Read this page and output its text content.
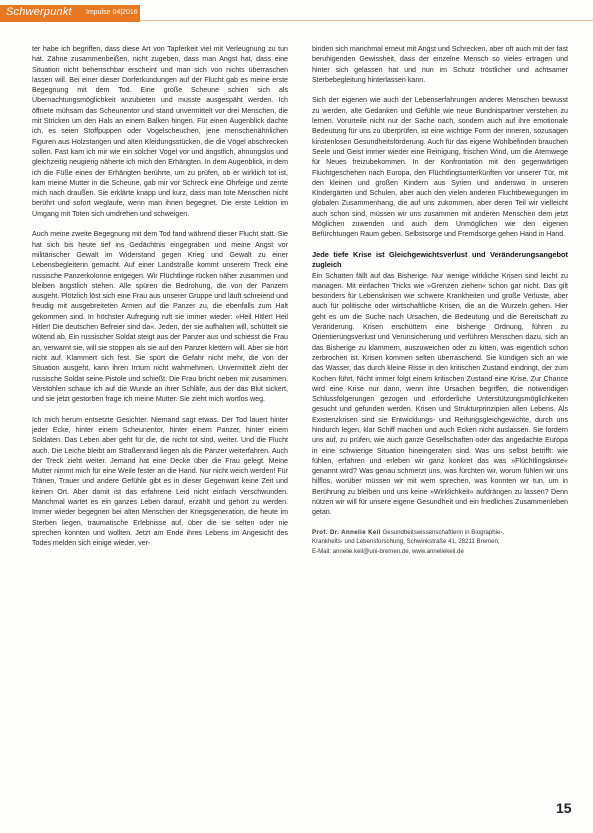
Schwerpunkt Impulse 04|2016

ter habe ich begriffen, dass diese Art von Tapferkeit viel mit Verleugnung zu tun hat. Zähne zusammenbeißen, nicht zugeben, dass man Angst hat, dass eine Situation nicht beherrschbar erscheint und man sich von nichts überraschen lassen will. Bei einer dieser Dorferkundungen auf der Flucht gab es meine erste Begegnung mit dem Tod. Eine große Scheune schien sich als Übernachtungsmöglichkeit anzubieten und musste ausgespäht werden. Ich öffnete mühsam das Scheunentor und stand unvermittelt vor drei Menschen, die mit Stricken um den Hals an einem Balken hingen. Für einen Augenblick dachte ich, es seien Stoffpuppen oder Vogelscheuchen, jene menschenähnlichen Figuren aus Holzstangen und alten Kleidungsstücken, die die Vögel abschrecken sollen. Fast kam ich mir wie ein solcher Vogel vor und ängstlich, ahnungslos und gleichzeitig neugierig näherte ich mich den Erhängten. In dem Augenblick, in dem ich die Füße eines der Erhängten berührte, um zu prüfen, ob er wirklich tot ist, kam meine Mutter in die Scheune, gab mir vor Schreck eine Ohrfeige und zerrte mich nach draußen. Sie erklärte knapp und kurz, dass man tote Menschen nicht berührt und sofort weglaufe, wenn man ihnen begegnet. Die erste Lektion im Umgang mit Toten sich umdrehen und schweigen.

Auch meine zweite Begegnung mit dem Tod fand während dieser Flucht statt. Sie hat sich bis heute tief ins Gedächtnis eingegraben und meine Angst vor militärischer Gewalt im Widerstand gegen Krieg und Gewalt zu einer Lebensbegleiterin gemacht. Auf einer Landstraße kommt unserem Treck eine russische Panzerkolonne entgegen. Wir Flüchtlinge rücken näher zusammen und bleiben ängstlich stehen. Alle spüren die Bedrohung, die von der Panzern ausgeht. Plötzlich löst sich eine Frau aus unserer Gruppe und läuft schreiend und freudig mit ausgebreiteten Armen auf die Panzer zu, die ebenfalls zum Halt gekommen sind. In höchster Aufregung ruft sie immer wieder: »Heil Hitler! Heil Hitler! Die deutschen Befreier sind da«. Jeden, der sie aufhalten will, schüttelt sie wütend ab. Ein russischer Soldat steigt aus der Panzer aus und schiesst die Frau an, verwarnt sie, will sie stoppen als sie auf den Panzer klettern will. Aber sie hört nicht auf. Klammert sich fest. Sie spürt die Gefahr nicht mehr, die von der Situation ausgeht, kann ihren Irrtum nicht wahrnehmen. Unvermittelt zieht der russische Soldat seine Pistole und schießt. Die Frau bricht neben mir zusammen. Verstohlen schaue ich auf die Wunde an ihrer Schläfe, aus der das Blut sickert, und sie jetzt gestorben frage ich meine Mutter. Sie zieht mich wortlos weg.

Ich mich herum entsetzte Gesichter. Niemand sagt etwas. Der Tod lauert hinter jeder Ecke, hinter einem Scheunentor, hinter einem Panzer, hinter einem Soldaten. Das Leben aber geht für die, die nicht tot sind, weiter. Und die Flucht auch. Die Leiche bleibt am Straßenrand liegen als die Panzer weiterfahren. Auch der Treck zieht weiter. Jemand hat eine Decke über die Frau gelegt. Meine Mutter nimmt mich für eine Weile fester an die Hand. Nur nicht weich werden! Für Tränen, Trauer und andere Gefühle gibt es in dieser Gegenwart keine Zeit und keinen Ort. Aber damit ist das erfahrene Leid nicht einfach verschwunden. Manchmal wartet es ein ganzes Leben darauf, erzählt und gehört zu werden. Immer wieder begegnen bei alten Menschen der Kriegsgeneration, die heute im Sterben liegen, traumatische Erlebnisse auf, über die sie selten oder nie sprechen konnten und wollten. Jetzt am Ende ihres Lebens im Angesicht des Todes melden sich einige wieder, ver-

binden sich manchmal erneut mit Angst und Schrecken, aber oft auch mit der fast beruhigenden Gewissheit, dass der einzelne Mensch so vieles ertragen und hinter sich gelassen hat und nun im Schutz tröstlicher und achtsamer Sterbebegleitung hinterlassen kann.

Sich der eigenen wie auch der Lebenserfahrungen anderer Menschen bewusst zu werden, alte Gedanken und Gefühle wie neue Bundnispartner verstehen zu lernen. Vorurteile nicht nur der Sache nach, sondern auch auf ihre emotionale Bedeutung für uns zu überprüfen, ist eine wichtige Form der inneren, sozusagen kinstenlosen Gesundheitsförderung. Auch für das eigene Wohlbefinden brauchen Seele und Geist immer wieder eine Reinigung, frischen Wind, um die Atemwege für Neues freizubekommen. In der Konfrontation mit den gegenwärtigen Fluchtgeschehen nach Europa, den Flüchtlingsunterkünften vor unserer Tür, mit den kleinen und großen Kindern aus Syrien und anderswo in unseren Kindergärten und Schulen, aber auch den vielen anderen Fluchtbewegungen im globalen Zusammenhang, die auf uns zukommen, aber deren Teil wir vielleicht auch schon sind, müssen wir uns zusammen mit anderen Menschen dem jetzt Möglichen zuwenden und auch dem Unmöglichen wie den eigenen Befürchtungen Raum geben. Selbstsorge und Fremdsorge gehen Hand in Hand.

Jede tiefe Krise ist Gleichgewichtsverlust und Veränderungsangebot zugleich

Ein Schatten fällt auf das Bisherige. Nur wenige wirkliche Krisen sind leicht zu managen. Mit einfachen Tricks wie »Grenzen ziehen« schon gar nicht. Das gilt besonders für Lebenskrisen wie schwere Krankheiten und große Verluste, aber auch für politische oder wirtschaftliche Krisen, die an die Wurzeln gehen. Hier geht es um die Suche nach Ursachen, die Bedeutung und die Bereitschaft zu Veränderung. Krisen erschüttern eine bisherige Ordnung, führen zu Orientierungsverlust und Verunsicherung und verführen Menschen dazu, sich an das Bisherige zu klammern, auszuweichen oder zu kitten, was eigentlich schon zerbrochen ist. Krisen kommen selten überraschend. Sie kündigen sich an wie das Wasser, das durch kleine Risse in den kritischen Zustand eindringt, der zum Kochen führt. Nicht immer folgt einem kritischen Zustand eine Krise. Zur Chance wird eine Krise nur dann, wenn ihre Ursachen begriffen, die notwendigen Schlussfolgerungen gezogen und erforderliche Unterstützungsmöglichkeiten gesucht und gefunden werden. Krisen und Strukturprinzipien allen Lebens. Als Existenzkrisen sind sie Entwicklungs- und Reifungsgleichgewichte, durch uns hindurch legen, klar Schiff machen und auch Ecken nicht auslassen. Sie fordern uns auf, zu prüfen, wie auch ganze Gesellschaften oder das angedachte Europa in eine schwierige Situation hineingeraten sind. Was uns selbst betrifft: wie fühlen, erfahren und erleben wir ganz konkret das was »Flüchtlingskrise« genannt wird? Was genau schmerzt uns, was fürchten wir, worum fühlen wir uns hilflos, worüber müssen wir mit wem sprechen, was konnten wir tun, um in Berührung zu bleiben und uns keine »Wirklichkeit« aufdrängen zu lassen? Denn nützen wir will für unsere eigene Gesundheit und ein friedliches Zusammenleben getan.

Prof. Dr. Annelie Keil Gesundheitswissenschaftlerin in Biographie-,
Krankheits- und Lebensforschung, Schwinkstraße 41, 28211 Bremen,
E-Mail: annelie.keil@uni-bremen.de, www.anneliekeil.de
15
